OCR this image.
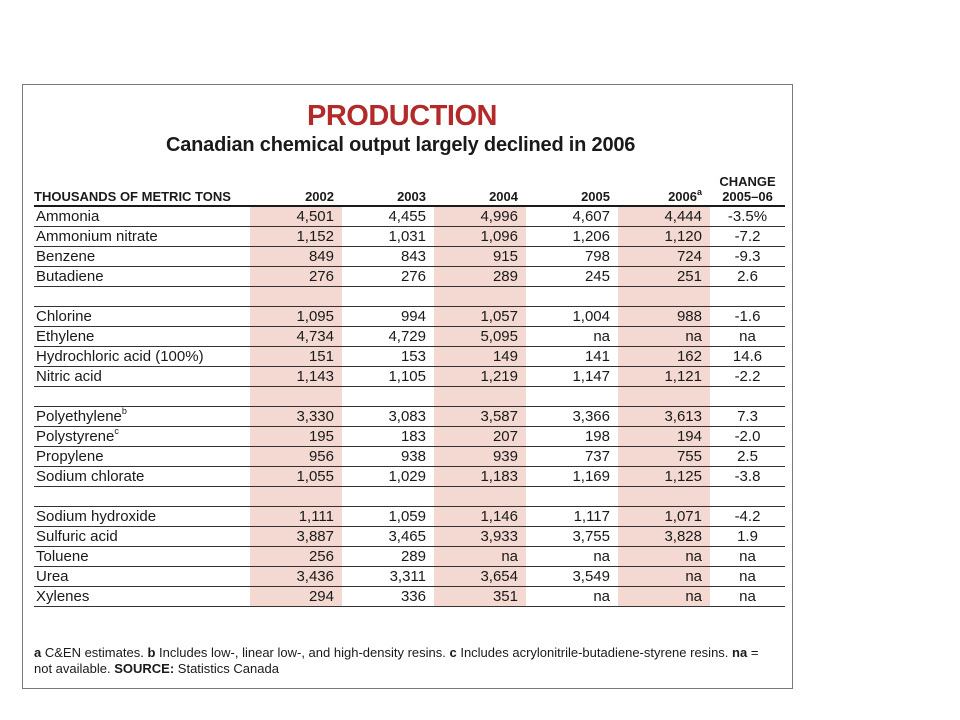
PRODUCTION
Canadian chemical output largely declined in 2006
THOUSANDS OF METRIC TONS	2002	2003	2004	2005	2006$^a$	CHANGE
2005–06
Ammonia	4,501	4,455	4,996	4,607	4,444	-3.5%
Ammonium nitrate	1,152	1,031	1,096	1,206	1,120	-7.2
Benzene	849	843	915	798	724	-9.3
Butadiene	276	276	289	245	251	2.6

Chlorine	1,095	994	1,057	1,004	988	-1.6
Ethylene	4,734	4,729	5,095	na	na	na
Hydrochloric acid (100%)	151	153	149	141	162	14.6
Nitric acid	1,143	1,105	1,219	1,147	1,121	-2.2

Polyethylene$^b$	3,330	3,083	3,587	3,366	3,613	7.3
Polystyrene$^c$	195	183	207	198	194	-2.0
Propylene	956	938	939	737	755	2.5
Sodium chlorate	1,055	1,029	1,183	1,169	1,125	-3.8

Sodium hydroxide	1,111	1,059	1,146	1,117	1,071	-4.2
Sulfuric acid	3,887	3,465	3,933	3,755	3,828	1.9
Toluene	256	289	na	na	na	na
Urea	3,436	3,311	3,654	3,549	na	na
Xylenes	294	336	351	na	na	na

a C&EN estimates. b Includes low-, linear low-, and high-density resins. c Includes acrylonitrile-butadiene-styrene resins. na = not available. SOURCE: Statistics Canada
